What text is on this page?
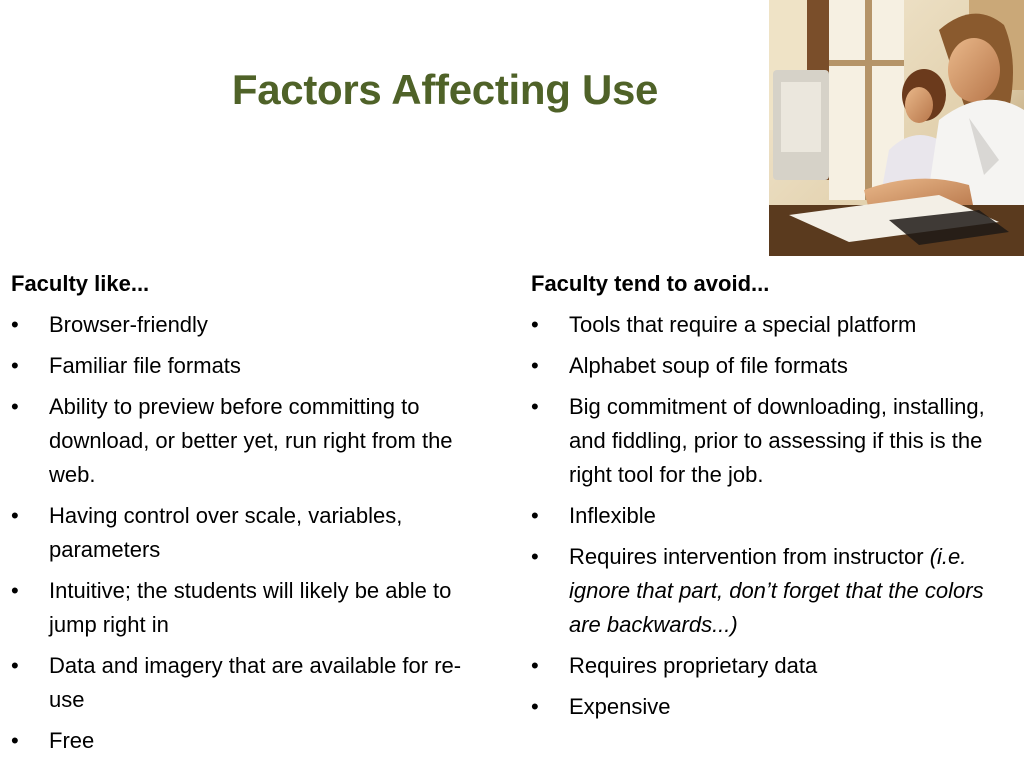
Factors Affecting Use

Faculty like...

•	Browser-friendly
•	Familiar file formats
•	Ability to preview before committing to download, or better yet, run right from the web.
•	Having control over scale, variables, parameters
•	Intuitive; the students will likely be able to jump right in
•	Data and imagery that are available for re-use
•	Free

Faculty tend to avoid...

•	Tools that require a special platform
•	Alphabet soup of file formats
•	Big commitment of downloading, installing, and fiddling, prior to assessing if this is the right tool for the job.
•	Inflexible
•	Requires intervention from instructor (i.e. ignore that part, don’t forget that the colors are backwards...)
•	Requires proprietary data
•	Expensive
